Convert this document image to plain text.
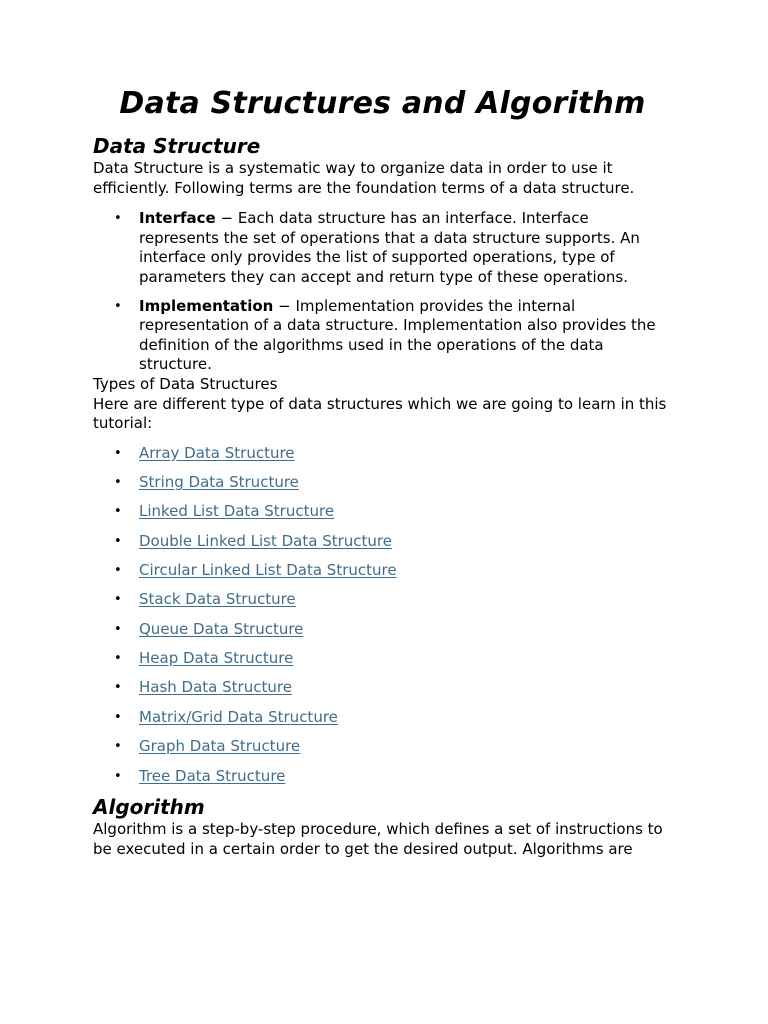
Data Structures and Algorithm
Data Structure

Data Structure is a systematic way to organize data in order to use it efficiently. Following terms are the foundation terms of a data structure.

• Interface − Each data structure has an interface. Interface represents the set of operations that a data structure supports. An interface only provides the list of supported operations, type of parameters they can accept and return type of these operations.
• Implementation − Implementation provides the internal representation of a data structure. Implementation also provides the definition of the algorithms used in the operations of the data structure.

Types of Data Structures

Here are different type of data structures which we are going to learn in this tutorial:

• Array Data Structure
• String Data Structure
• Linked List Data Structure
• Double Linked List Data Structure
• Circular Linked List Data Structure
• Stack Data Structure
• Queue Data Structure
• Heap Data Structure
• Hash Data Structure
• Matrix/Grid Data Structure
• Graph Data Structure
• Tree Data Structure
Algorithm

Algorithm is a step-by-step procedure, which defines a set of instructions to be executed in a certain order to get the desired output. Algorithms are
